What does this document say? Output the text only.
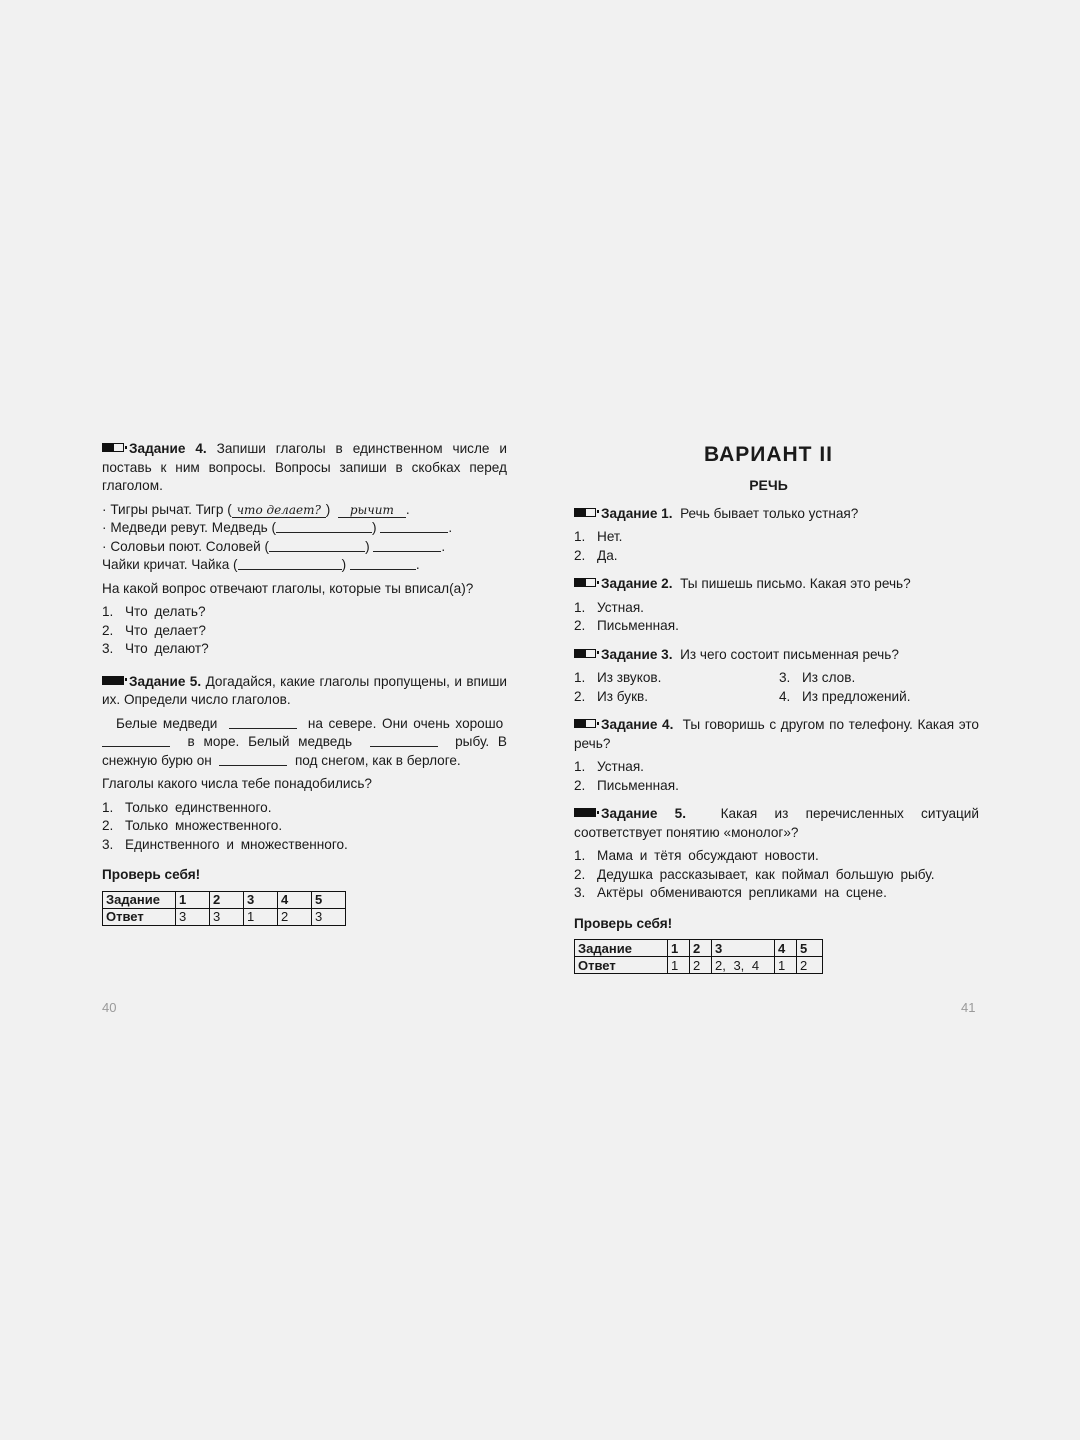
Задание 4. Запиши глаголы в единственном числе и поставь к ним вопросы. Вопросы запиши в скобках перед глаголом.

· Тигры рычат. Тигр ( что делает? ) рычит .
· Медведи ревут. Медведь (	)	.
· Соловьи поют. Соловей (	)	.
Чайки кричат. Чайка (	)	.

На какой вопрос отвечают глаголы, которые ты вписал(а)?

1. Что делать?
2. Что делает?
3. Что делают?

Задание 5. Догадайся, какие глаголы пропущены, и впиши их. Определи число глаголов.

Белые медведи	на севере. Они очень хорошо    в море. Белый медведь	рыбу. В снежную бурю он	под снегом, как в берлоге.

Глаголы какого числа тебе понадобились?

1. Только единственного.
2. Только множественного.
3. Единственного и множественного.
Проверь себя!
Задание	1	2	3	4	5
Ответ	3	3	1	2	3
40
ВАРИАНТ II
РЕЧЬ

Задание 1. Речь бывает только устная?

1. Нет.
2. Да.

Задание 2. Ты пишешь письмо. Какая это речь?

1. Устная.
2. Письменная.

Задание 3. Из чего состоит письменная речь?

1. Из звуков.	3. Из слов.
2. Из букв.	4. Из предложений.

Задание 4. Ты говоришь с другом по телефону. Какая это речь?

1. Устная.
2. Письменная.

Задание 5.	Какая из перечисленных ситуаций соответствует понятию «монолог»?

1. Мама и тётя обсуждают новости.
2. Дедушка рассказывает, как поймал большую рыбу.
3. Актёры обмениваются репликами на сцене.
Проверь себя!
Задание	1	2	3	4	5
Ответ	1	2	2, 3, 4	1	2
41
